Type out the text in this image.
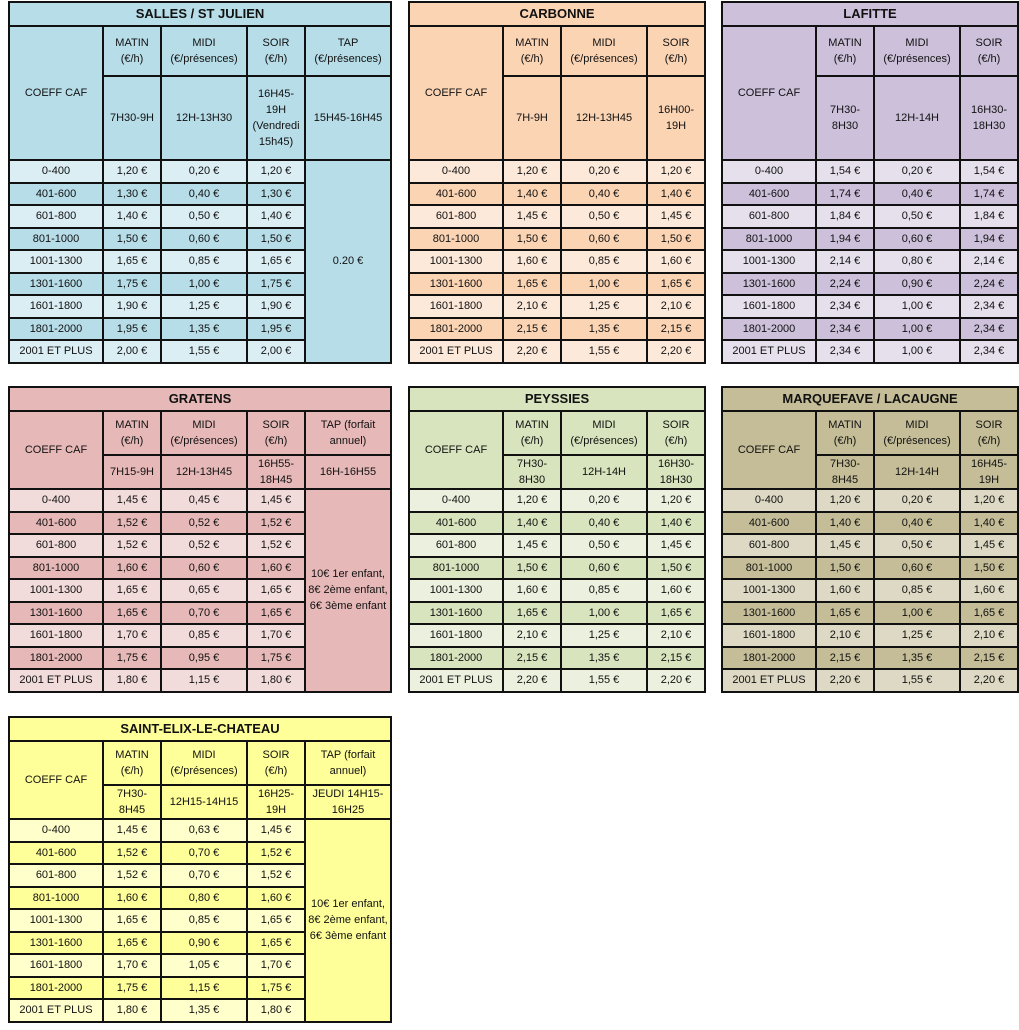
SALLES / ST JULIEN				
COEFF CAF	MATIN (€/h)	MIDI (€/présences)	SOIR (€/h)	TAP (€/présences)
	7H30-9H	12H-13H30	16H45-19H (Vendredi 15h45)	15H45-16H45
0-400	1,20 €	0,20 €	1,20 €	0.20 €
401-600	1,30 €	0,40 €	1,30 €	
601-800	1,40 €	0,50 €	1,40 €	
801-1000	1,50 €	0,60 €	1,50 €	
1001-1300	1,65 €	0,85 €	1,65 €	
1301-1600	1,75 €	1,00 €	1,75 €	
1601-1800	1,90 €	1,25 €	1,90 €	
1801-2000	1,95 €	1,35 €	1,95 €	
2001 ET PLUS	2,00 €	1,55 €	2,00 €	
CARBONNE			
COEFF CAF	MATIN (€/h)	MIDI (€/présences)	SOIR (€/h)
	7H-9H	12H-13H45	16H00-19H
0-400	1,20 €	0,20 €	1,20 €
401-600	1,40 €	0,40 €	1,40 €
601-800	1,45 €	0,50 €	1,45 €
801-1000	1,50 €	0,60 €	1,50 €
1001-1300	1,60 €	0,85 €	1,60 €
1301-1600	1,65 €	1,00 €	1,65 €
1601-1800	2,10 €	1,25 €	2,10 €
1801-2000	2,15 €	1,35 €	2,15 €
2001 ET PLUS	2,20 €	1,55 €	2,20 €
LAFITTE			
COEFF CAF	MATIN (€/h)	MIDI (€/présences)	SOIR (€/h)
	7H30-8H30	12H-14H	16H30-18H30
0-400	1,54 €	0,20 €	1,54 €
401-600	1,74 €	0,40 €	1,74 €
601-800	1,84 €	0,50 €	1,84 €
801-1000	1,94 €	0,60 €	1,94 €
1001-1300	2,14 €	0,80 €	2,14 €
1301-1600	2,24 €	0,90 €	2,24 €
1601-1800	2,34 €	1,00 €	2,34 €
1801-2000	2,34 €	1,00 €	2,34 €
2001 ET PLUS	2,34 €	1,00 €	2,34 €
GRATENS				
COEFF CAF	MATIN (€/h)	MIDI (€/présences)	SOIR (€/h)	TAP (forfait annuel)
	7H15-9H	12H-13H45	16H55-18H45	16H-16H55
0-400	1,45 €	0,45 €	1,45 €	10€ 1er enfant, 8€ 2ème enfant, 6€ 3ème enfant
401-600	1,52 €	0,52 €	1,52 €	
601-800	1,52 €	0,52 €	1,52 €	
801-1000	1,60 €	0,60 €	1,60 €	
1001-1300	1,65 €	0,65 €	1,65 €	
1301-1600	1,65 €	0,70 €	1,65 €	
1601-1800	1,70 €	0,85 €	1,70 €	
1801-2000	1,75 €	0,95 €	1,75 €	
2001 ET PLUS	1,80 €	1,15 €	1,80 €	
PEYSSIES			
COEFF CAF	MATIN (€/h)	MIDI (€/présences)	SOIR (€/h)
	7H30-8H30	12H-14H	16H30-18H30
0-400	1,20 €	0,20 €	1,20 €
401-600	1,40 €	0,40 €	1,40 €
601-800	1,45 €	0,50 €	1,45 €
801-1000	1,50 €	0,60 €	1,50 €
1001-1300	1,60 €	0,85 €	1,60 €
1301-1600	1,65 €	1,00 €	1,65 €
1601-1800	2,10 €	1,25 €	2,10 €
1801-2000	2,15 €	1,35 €	2,15 €
2001 ET PLUS	2,20 €	1,55 €	2,20 €
MARQUEFAVE / LACAUGNE			
COEFF CAF	MATIN (€/h)	MIDI (€/présences)	SOIR (€/h)
	7H30-8H45	12H-14H	16H45-19H
0-400	1,20 €	0,20 €	1,20 €
401-600	1,40 €	0,40 €	1,40 €
601-800	1,45 €	0,50 €	1,45 €
801-1000	1,50 €	0,60 €	1,50 €
1001-1300	1,60 €	0,85 €	1,60 €
1301-1600	1,65 €	1,00 €	1,65 €
1601-1800	2,10 €	1,25 €	2,10 €
1801-2000	2,15 €	1,35 €	2,15 €
2001 ET PLUS	2,20 €	1,55 €	2,20 €
SAINT-ELIX-LE-CHATEAU				
COEFF CAF	MATIN (€/h)	MIDI (€/présences)	SOIR (€/h)	TAP (forfait annuel)
	7H30-8H45	12H15-14H15	16H25-19H	JEUDI 14H15-16H25
0-400	1,45 €	0,63 €	1,45 €	10€ 1er enfant, 8€ 2ème enfant, 6€ 3ème enfant
401-600	1,52 €	0,70 €	1,52 €	
601-800	1,52 €	0,70 €	1,52 €	
801-1000	1,60 €	0,80 €	1,60 €	
1001-1300	1,65 €	0,85 €	1,65 €	
1301-1600	1,65 €	0,90 €	1,65 €	
1601-1800	1,70 €	1,05 €	1,70 €	
1801-2000	1,75 €	1,15 €	1,75 €	
2001 ET PLUS	1,80 €	1,35 €	1,80 €	
